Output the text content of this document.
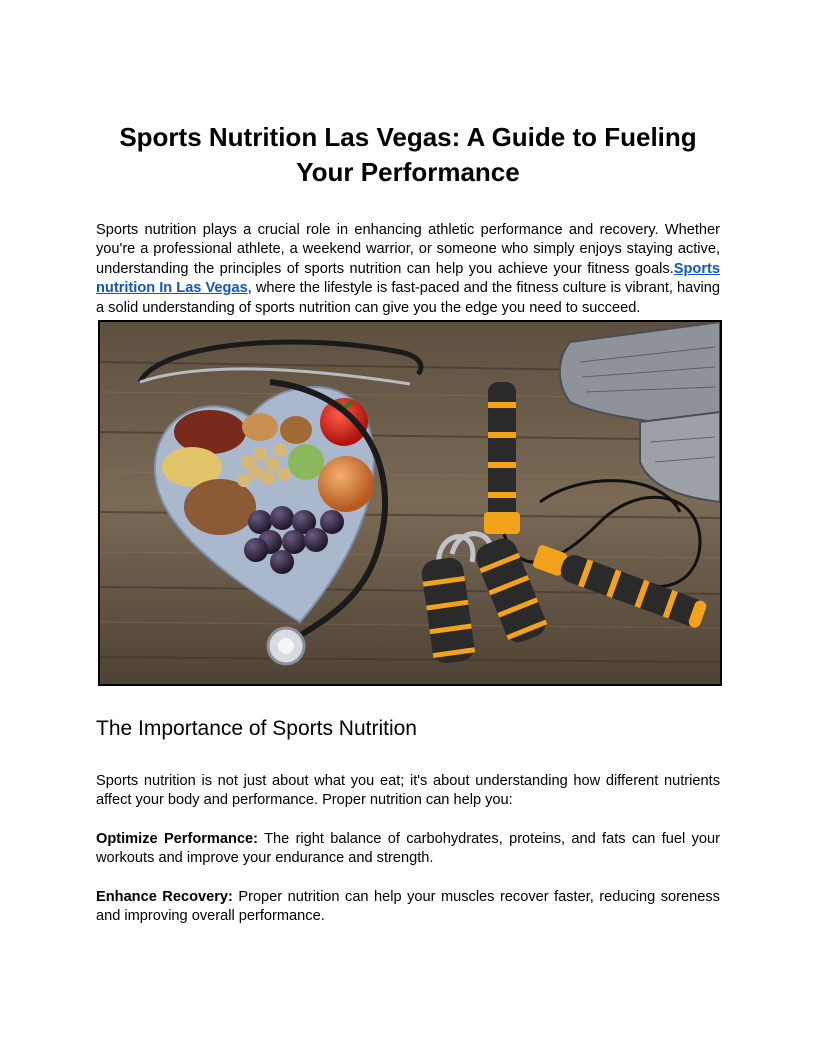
Sports Nutrition Las Vegas: A Guide to Fueling Your Performance

Sports nutrition plays a crucial role in enhancing athletic performance and recovery. Whether you're a professional athlete, a weekend warrior, or someone who simply enjoys staying active, understanding the principles of sports nutrition can help you achieve your fitness goals.Sports nutrition In Las Vegas, where the lifestyle is fast-paced and the fitness culture is vibrant, having a solid understanding of sports nutrition can give you the edge you need to succeed.

The Importance of Sports Nutrition

Sports nutrition is not just about what you eat; it's about understanding how different nutrients affect your body and performance. Proper nutrition can help you:

Optimize Performance: The right balance of carbohydrates, proteins, and fats can fuel your workouts and improve your endurance and strength.

Enhance Recovery: Proper nutrition can help your muscles recover faster, reducing soreness and improving overall performance.
